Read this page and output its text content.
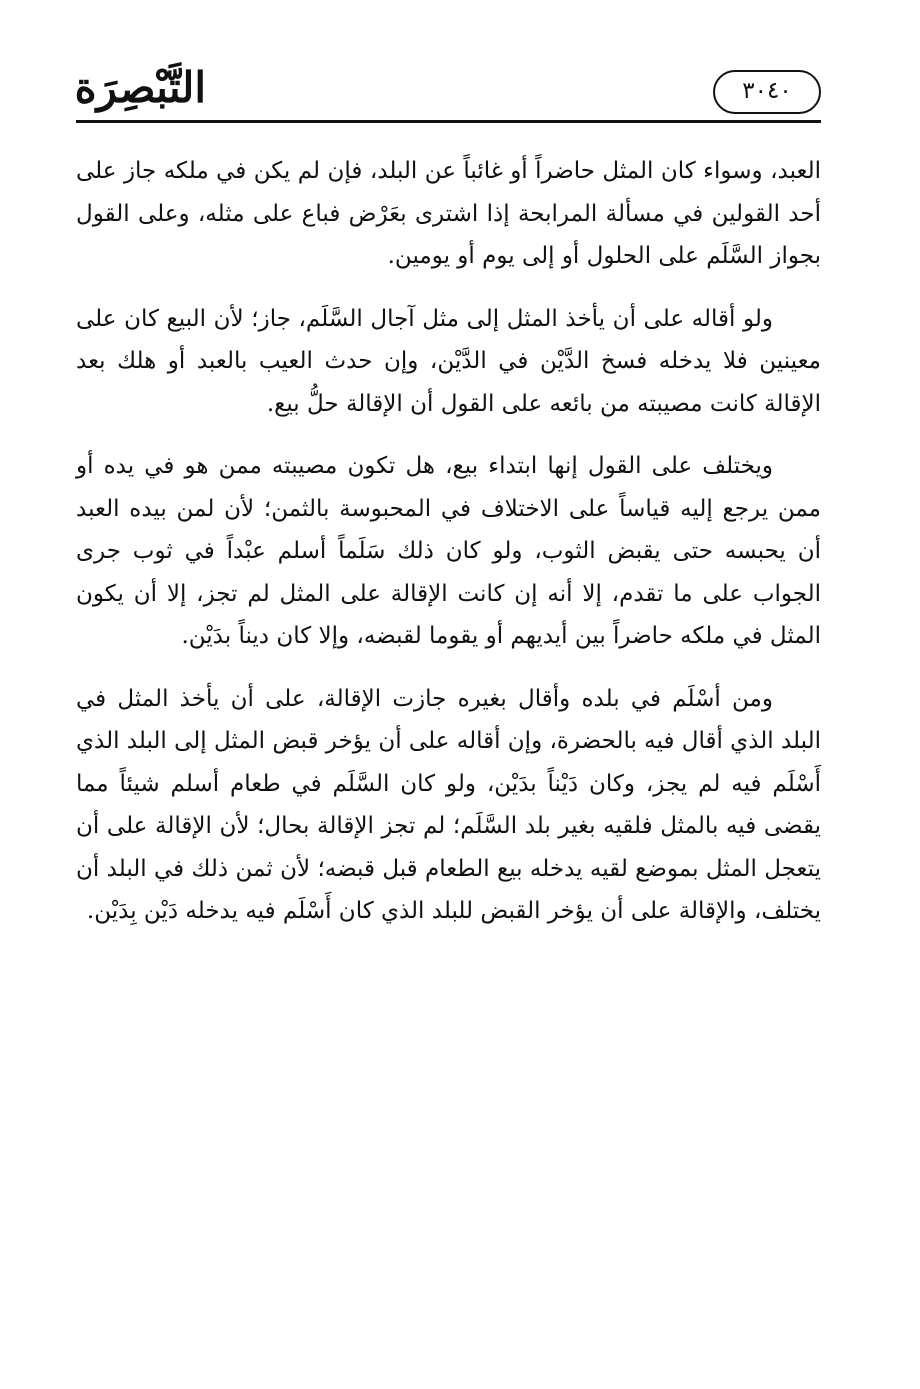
التَّبْصِرَة	٣٠٤٠

العبد، وسواء كان المثل حاضراً أو غائباً عن البلد، فإن لم يكن في ملكه جاز على أحد القولين في مسألة المرابحة إذا اشترى بعَرْض فباع على مثله، وعلى القول بجواز السَّلَم على الحلول أو إلى يوم أو يومين.

ولو أقاله على أن يأخذ المثل إلى مثل آجال السَّلَم، جاز؛ لأن البيع كان على معينين فلا يدخله فسخ الدَّيْن في الدَّيْن، وإن حدث العيب بالعبد أو هلك بعد الإقالة كانت مصيبته من بائعه على القول أن الإقالة حلُّ بيع.

ويختلف على القول إنها ابتداء بيع، هل تكون مصيبته ممن هو في يده أو ممن يرجع إليه قياساً على الاختلاف في المحبوسة بالثمن؛ لأن لمن بيده العبد أن يحبسه حتى يقبض الثوب، ولو كان ذلك سَلَماً أسلم عبْداً في ثوب جرى الجواب على ما تقدم، إلا أنه إن كانت الإقالة على المثل لم تجز، إلا أن يكون المثل في ملكه حاضراً بين أيديهم أو يقوما لقبضه، وإلا كان ديناً بدَيْن.

ومن أسْلَم في بلده وأقال بغيره جازت الإقالة، على أن يأخذ المثل في البلد الذي أقال فيه بالحضرة، وإن أقاله على أن يؤخر قبض المثل إلى البلد الذي أَسْلَم فيه لم يجز، وكان دَيْناً بدَيْن، ولو كان السَّلَم في طعام أسلم شيئاً مما يقضى فيه بالمثل فلقيه بغير بلد السَّلَم؛ لم تجز الإقالة بحال؛ لأن الإقالة على أن يتعجل المثل بموضع لقيه يدخله بيع الطعام قبل قبضه؛ لأن ثمن ذلك في البلد أن يختلف، والإقالة على أن يؤخر القبض للبلد الذي كان أَسْلَم فيه يدخله دَيْن بِدَيْن.
